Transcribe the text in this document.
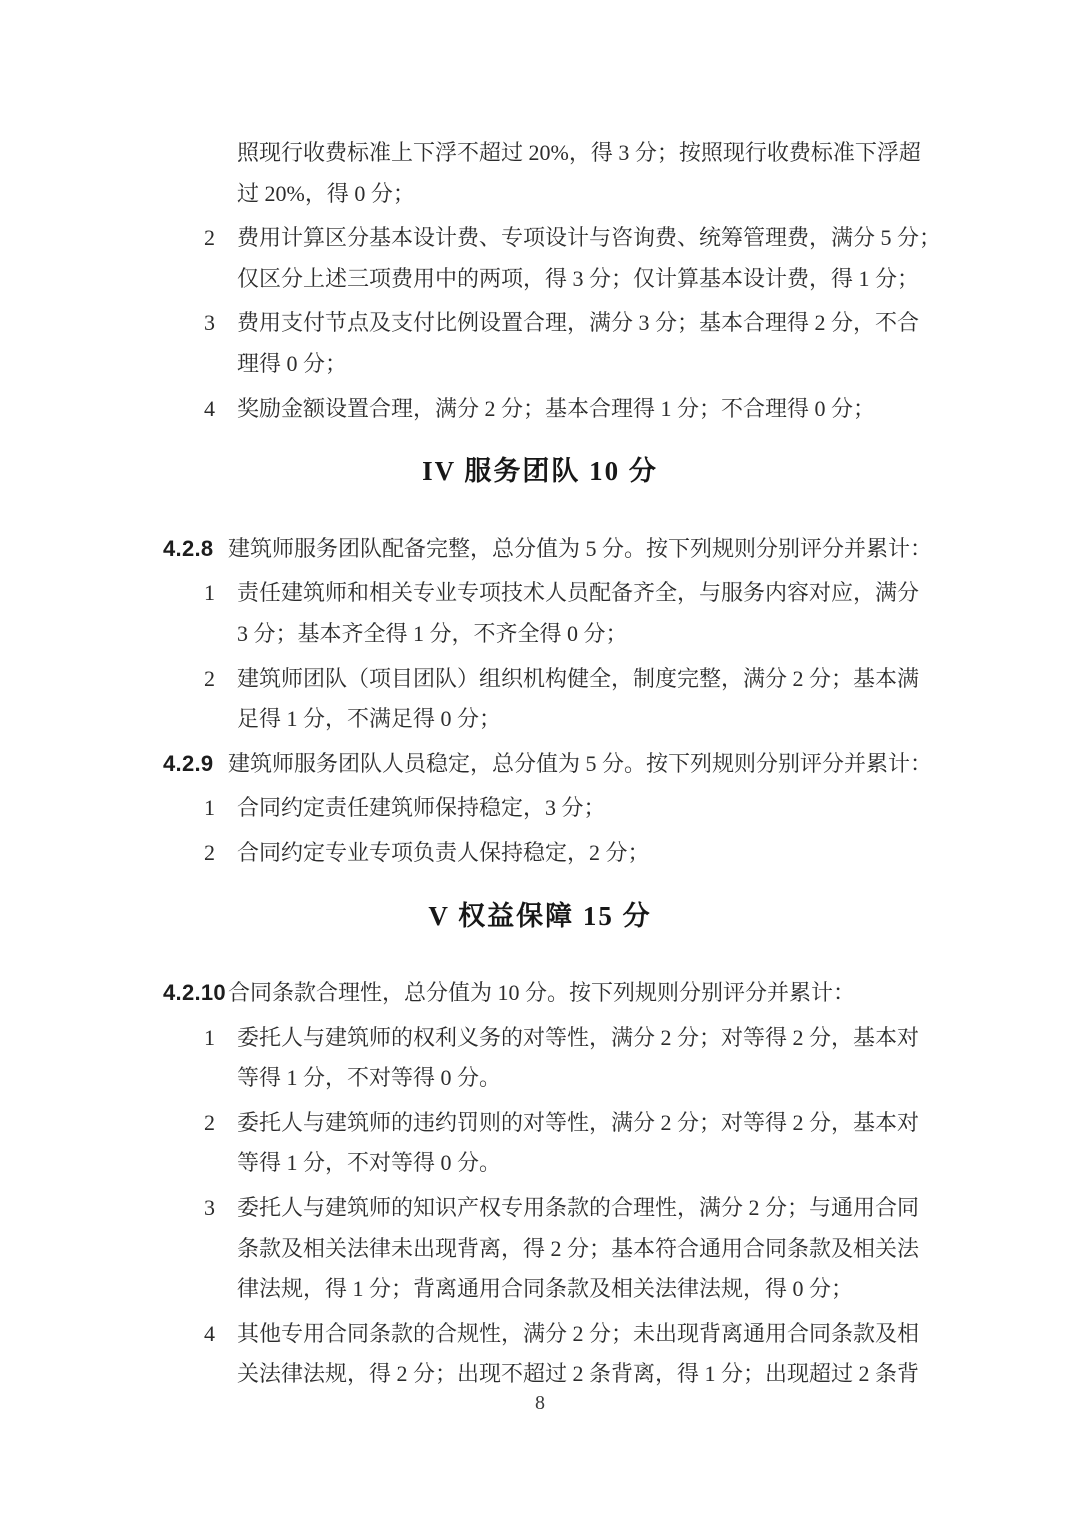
照现行收费标准上下浮不超过 20%，得 3 分；按照现行收费标准下浮超
过 20%，得 0 分；
2 费用计算区分基本设计费、专项设计与咨询费、统筹管理费，满分 5 分；
仅区分上述三项费用中的两项，得 3 分；仅计算基本设计费，得 1 分；
3 费用支付节点及支付比例设置合理，满分 3 分；基本合理得 2 分，不合
理得 0 分；
4 奖励金额设置合理，满分 2 分；基本合理得 1 分；不合理得 0 分；
IV 服务团队 10 分
4.2.8 建筑师服务团队配备完整，总分值为 5 分。按下列规则分别评分并累计：
1 责任建筑师和相关专业专项技术人员配备齐全，与服务内容对应，满分
3 分；基本齐全得 1 分，不齐全得 0 分；
2 建筑师团队（项目团队）组织机构健全，制度完整，满分 2 分；基本满
足得 1 分，不满足得 0 分；
4.2.9 建筑师服务团队人员稳定，总分值为 5 分。按下列规则分别评分并累计：
1 合同约定责任建筑师保持稳定，3 分；
2 合同约定专业专项负责人保持稳定，2 分；
V 权益保障 15 分
4.2.10 合同条款合理性，总分值为 10 分。按下列规则分别评分并累计：
1 委托人与建筑师的权利义务的对等性，满分 2 分；对等得 2 分，基本对
等得 1 分，不对等得 0 分。
2 委托人与建筑师的违约罚则的对等性，满分 2 分；对等得 2 分，基本对
等得 1 分，不对等得 0 分。
3 委托人与建筑师的知识产权专用条款的合理性，满分 2 分；与通用合同
条款及相关法律未出现背离，得 2 分；基本符合通用合同条款及相关法
律法规，得 1 分；背离通用合同条款及相关法律法规，得 0 分；
4 其他专用合同条款的合规性，满分 2 分；未出现背离通用合同条款及相
关法律法规，得 2 分；出现不超过 2 条背离，得 1 分；出现超过 2 条背
8
